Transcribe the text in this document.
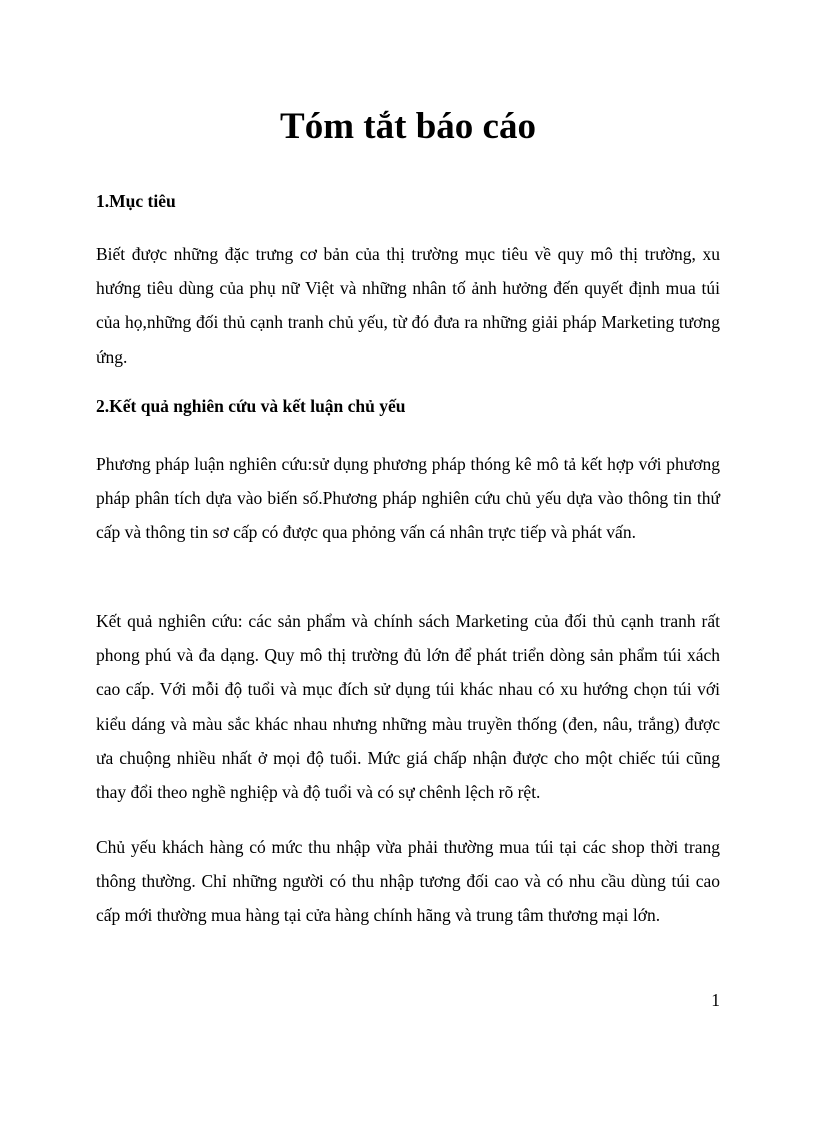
Tóm tắt báo cáo
1.Mục tiêu

Biết được những đặc trưng cơ bản của thị trường mục tiêu về quy mô thị trường, xu hướng tiêu dùng của phụ nữ Việt và những nhân tố ảnh hưởng đến quyết định mua túi của họ,những đối thủ cạnh tranh chủ yếu, từ đó đưa ra những giải pháp Marketing tương ứng.

2.Kết quả nghiên cứu và kết luận chủ yếu

Phương pháp luận nghiên cứu:sử dụng phương pháp thóng kê mô tả kết hợp với phương pháp phân tích dựa vào biến số.Phương pháp nghiên cứu chủ yếu dựa vào thông tin thứ cấp và thông tin sơ cấp có được qua phỏng vấn cá nhân trực tiếp và phát vấn.

Kết quả nghiên cứu: các sản phẩm và chính sách Marketing của đối thủ cạnh tranh rất phong phú và đa dạng. Quy mô thị trường đủ lớn để phát triển dòng sản phẩm túi xách cao cấp. Với mỗi độ tuổi và mục đích sử dụng túi khác nhau có xu hướng chọn túi với kiểu dáng và màu sắc khác nhau nhưng những màu truyền thống (đen, nâu, trắng) được ưa chuộng nhiều nhất ở mọi độ tuổi. Mức giá chấp nhận được cho một chiếc túi cũng thay đổi theo nghề nghiệp và độ tuổi và có sự chênh lệch rõ rệt.

Chủ yếu khách hàng có mức thu nhập vừa phải thường mua túi tại các shop thời trang thông thường. Chỉ những người có thu nhập tương đối cao và có nhu cầu dùng túi cao cấp mới thường mua hàng tại cửa hàng chính hãng và trung tâm thương mại lớn.

1
